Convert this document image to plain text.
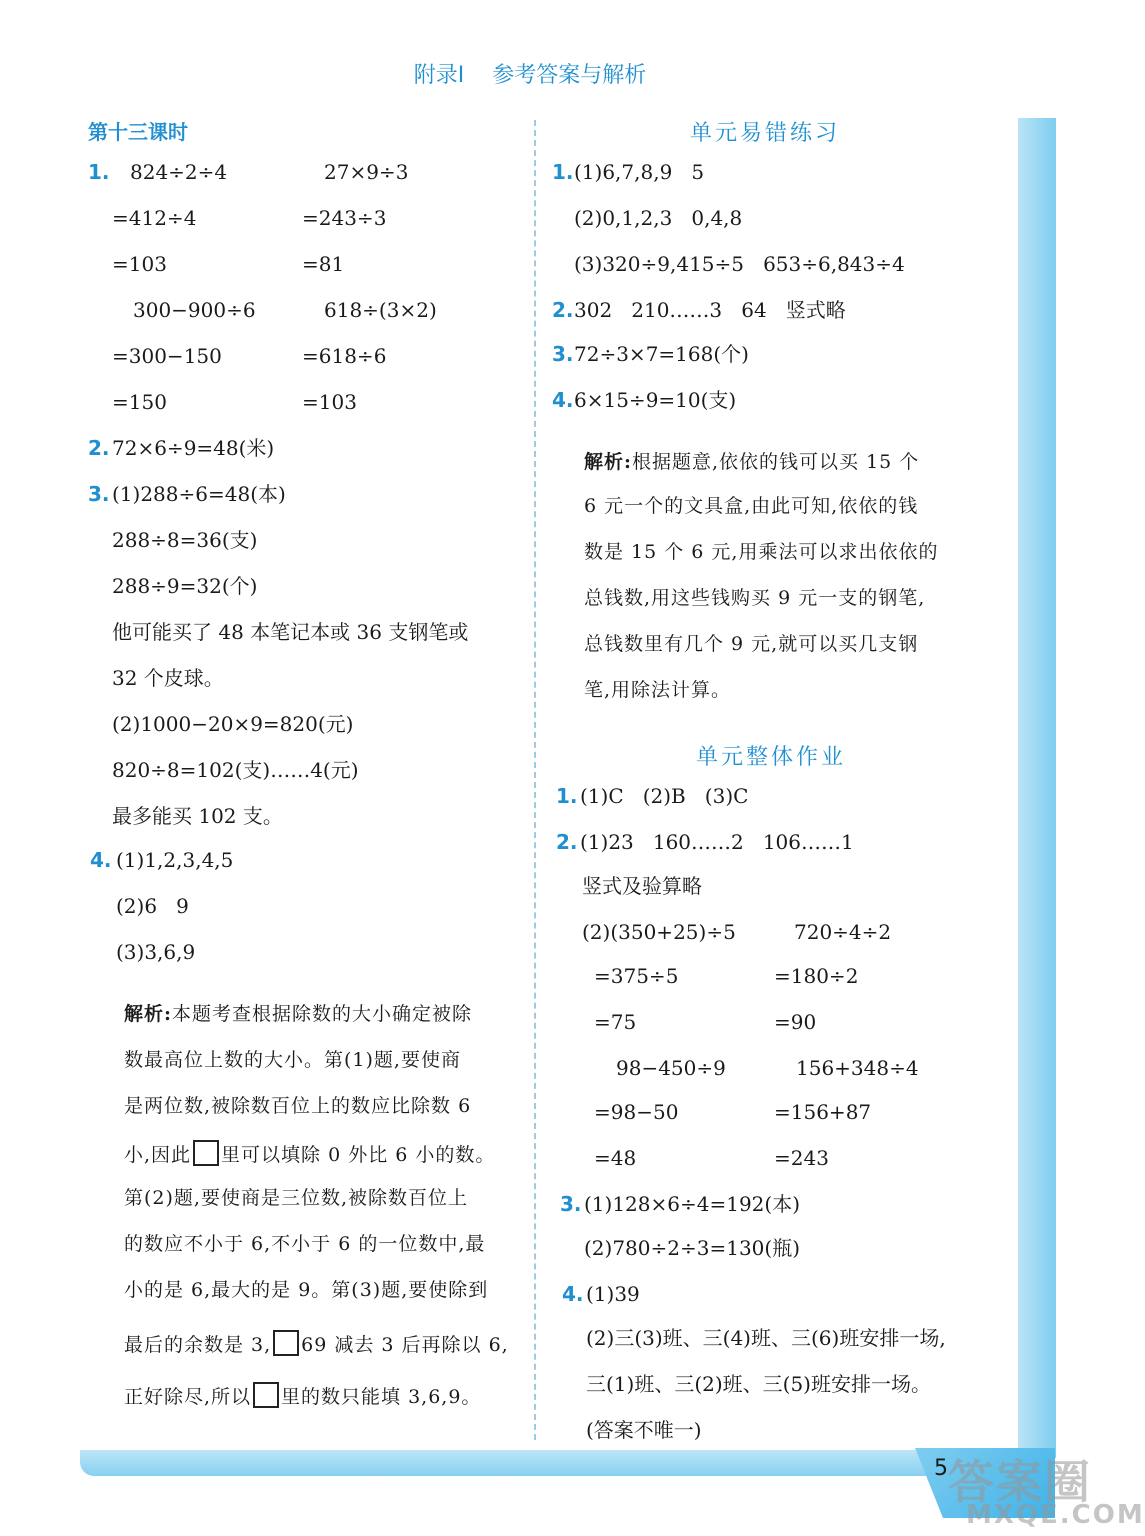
附录Ⅰ 参考答案与解析
第十三课时
1. 824÷2÷4	27×9÷3
=412÷4	=243÷3
=103	=81
300−900÷6	618÷(3×2)
=300−150	=618÷6
=150	=103
2. 72×6÷9=48(米)
3. (1)288÷6=48(本)
288÷8=36(支)
288÷9=32(个)
他可能买了 48 本笔记本或 36 支钢笔或
32 个皮球。
(2)1000−20×9=820(元)
820÷8=102(支)……4(元)
最多能买 102 支。
4. (1)1,2,3,4,5
(2)6   9
(3)3,6,9
解析:本题考查根据除数的大小确定被除
数最高位上数的大小。第(1)题,要使商
是两位数,被除数百位上的数应比除数 6
小,因此 里可以填除 0 外比 6 小的数。
第(2)题,要使商是三位数,被除数百位上
的数应不小于 6,不小于 6 的一位数中,最
小的是 6,最大的是 9。第(3)题,要使除到
最后的余数是 3, 69 减去 3 后再除以 6,
正好除尽,所以 里的数只能填 3,6,9。
单元易错练习
1. (1)6,7,8,9   5
(2)0,1,2,3   0,4,8
(3)320÷9,415÷5   653÷6,843÷4
2. 302   210……3   64   竖式略
3. 72÷3×7=168(个)
4. 6×15÷9=10(支)
解析:根据题意,依依的钱可以买 15 个
6 元一个的文具盒,由此可知,依依的钱
数是 15 个 6 元,用乘法可以求出依依的
总钱数,用这些钱购买 9 元一支的钢笔,
总钱数里有几个 9 元,就可以买几支钢
笔,用除法计算。
单元整体作业
1. (1)C   (2)B   (3)C
2. (1)23   160……2   106……1
竖式及验算略
(2)(350+25)÷5	720÷4÷2
=375÷5	=180÷2
=75	=90
98−450÷9	156+348÷4
=98−50	=156+87
=48	=243
3. (1)128×6÷4=192(本)
(2)780÷2÷3=130(瓶)
4. (1)39
(2)三(3)班、三(4)班、三(6)班安排一场,
三(1)班、三(2)班、三(5)班安排一场。
(答案不唯一)
5 答案圈
MXQE.COM
